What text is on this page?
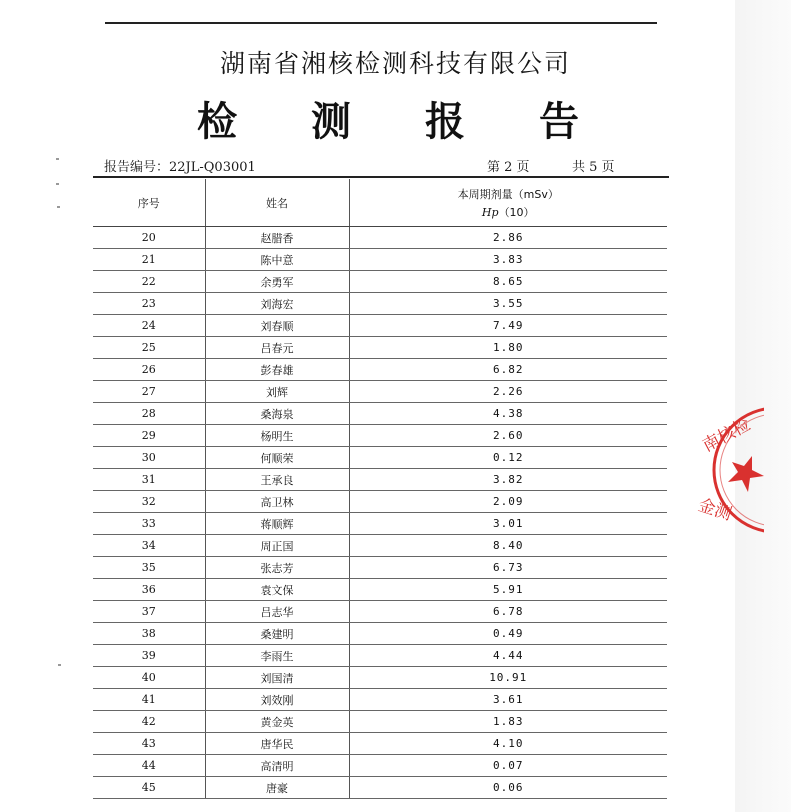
湖南省湘核检测科技有限公司
检 测 报 告
报告编号：22JL-Q03001	第 2 页	共 5 页
序号	姓名	本周期剂量（mSv）
Hp（10）

20	赵腊香	2.86
21	陈中意	3.83
22	余勇军	8.65
23	刘海宏	3.55
24	刘春顺	7.49
25	吕春元	1.80
26	彭春雄	6.82
27	刘辉	2.26
28	桑海泉	4.38
29	杨明生	2.60
30	何顺荣	0.12
31	王承良	3.82
32	高卫林	2.09
33	蒋顺辉	3.01
34	周正国	8.40
35	张志芳	6.73
36	袁文保	5.91
37	吕志华	6.78
38	桑建明	0.49
39	李雨生	4.44
40	刘国清	10.91
41	刘效刚	3.61
42	黄金英	1.83
43	唐华民	4.10
44	高清明	0.07
45	唐豪	0.06
南核检
金测
